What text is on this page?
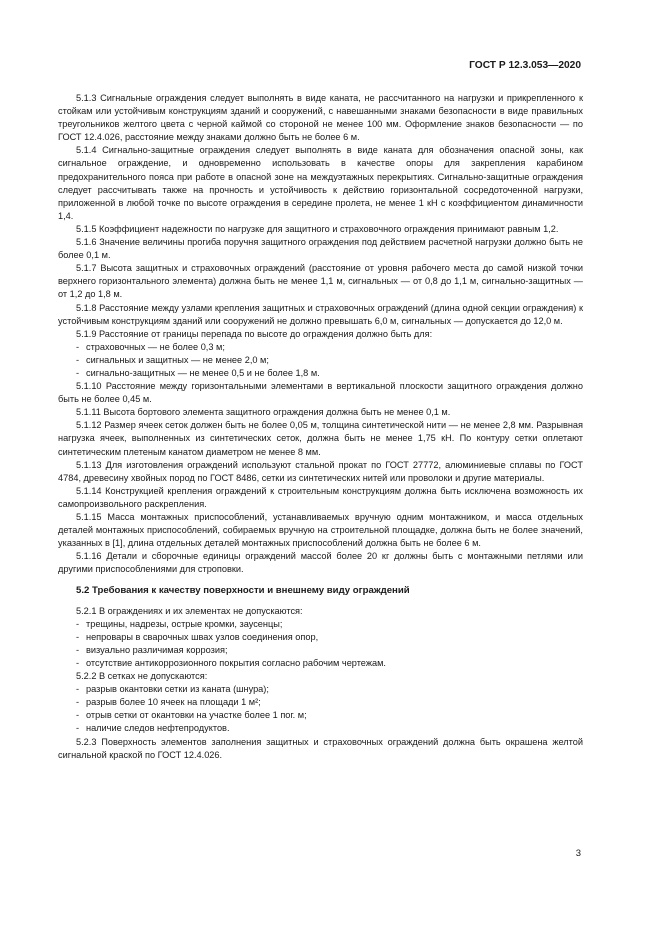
ГОСТ Р 12.3.053—2020

5.1.3 Сигнальные ограждения следует выполнять в виде каната, не рассчитанного на нагрузки и прикрепленного к стойкам или устойчивым конструкциям зданий и сооружений, с навешанными знаками безопасности в виде правильных треугольников желтого цвета с черной каймой со стороной не менее 100 мм. Оформление знаков безопасности — по ГОСТ 12.4.026, расстояние между знаками должно быть не более 6 м.

5.1.4 Сигнально-защитные ограждения следует выполнять в виде каната для обозначения опасной зоны, как сигнальное ограждение, и одновременно использовать в качестве опоры для закрепления карабином предохранительного пояса при работе в опасной зоне на междуэтажных перекрытиях. Сигнально-защитные ограждения следует рассчитывать также на прочность и устойчивость к действию горизонтальной сосредоточенной нагрузки, приложенной в любой точке по высоте ограждения в середине пролета, не менее 1 кН с коэффициентом динамичности 1,4.

5.1.5 Коэффициент надежности по нагрузке для защитного и страховочного ограждения принимают равным 1,2.

5.1.6 Значение величины прогиба поручня защитного ограждения под действием расчетной нагрузки должно быть не более 0,1 м.

5.1.7 Высота защитных и страховочных ограждений (расстояние от уровня рабочего места до самой низкой точки верхнего горизонтального элемента) должна быть не менее 1,1 м, сигнальных — от 0,8 до 1,1 м, сигнально-защитных — от 1,2 до 1,8 м.

5.1.8 Расстояние между узлами крепления защитных и страховочных ограждений (длина одной секции ограждения) к устойчивым конструкциям зданий или сооружений не должно превышать 6,0 м, сигнальных — допускается до 12,0 м.

5.1.9 Расстояние от границы перепада по высоте до ограждения должно быть для:

- страховочных — не более 0,3 м;
- сигнальных и защитных — не менее 2,0 м;
- сигнально-защитных — не менее 0,5 и не более 1,8 м.

5.1.10 Расстояние между горизонтальными элементами в вертикальной плоскости защитного ограждения должно быть не более 0,45 м.

5.1.11 Высота бортового элемента защитного ограждения должна быть не менее 0,1 м.

5.1.12 Размер ячеек сеток должен быть не более 0,05 м, толщина синтетической нити — не менее 2,8 мм. Разрывная нагрузка ячеек, выполненных из синтетических сеток, должна быть не менее 1,75 кН. По контуру сетки оплетают синтетическим плетеным канатом диаметром не менее 8 мм.

5.1.13 Для изготовления ограждений используют стальной прокат по ГОСТ 27772, алюминиевые сплавы по ГОСТ 4784, древесину хвойных пород по ГОСТ 8486, сетки из синтетических нитей или проволоки и другие материалы.

5.1.14 Конструкцией крепления ограждений к строительным конструкциям должна быть исключена возможность их самопроизвольного раскрепления.

5.1.15 Масса монтажных приспособлений, устанавливаемых вручную одним монтажником, и масса отдельных деталей монтажных приспособлений, собираемых вручную на строительной площадке, должна быть не более значений, указанных в [1], длина отдельных деталей монтажных приспособлений должна быть не более 6 м.

5.1.16 Детали и сборочные единицы ограждений массой более 20 кг должны быть с монтажными петлями или другими приспособлениями для строповки.

5.2 Требования к качеству поверхности и внешнему виду ограждений

5.2.1 В ограждениях и их элементах не допускаются:

- трещины, надрезы, острые кромки, заусенцы;
- непровары в сварочных швах узлов соединения опор,
- визуально различимая коррозия;
- отсутствие антикоррозионного покрытия согласно рабочим чертежам.

5.2.2 В сетках не допускаются:

- разрыв окантовки сетки из каната (шнура);
- разрыв более 10 ячеек на площади 1 м²;
- отрыв сетки от окантовки на участке более 1 пог. м;
- наличие следов нефтепродуктов.

5.2.3 Поверхность элементов заполнения защитных и страховочных ограждений должна быть окрашена желтой сигнальной краской по ГОСТ 12.4.026.

3
